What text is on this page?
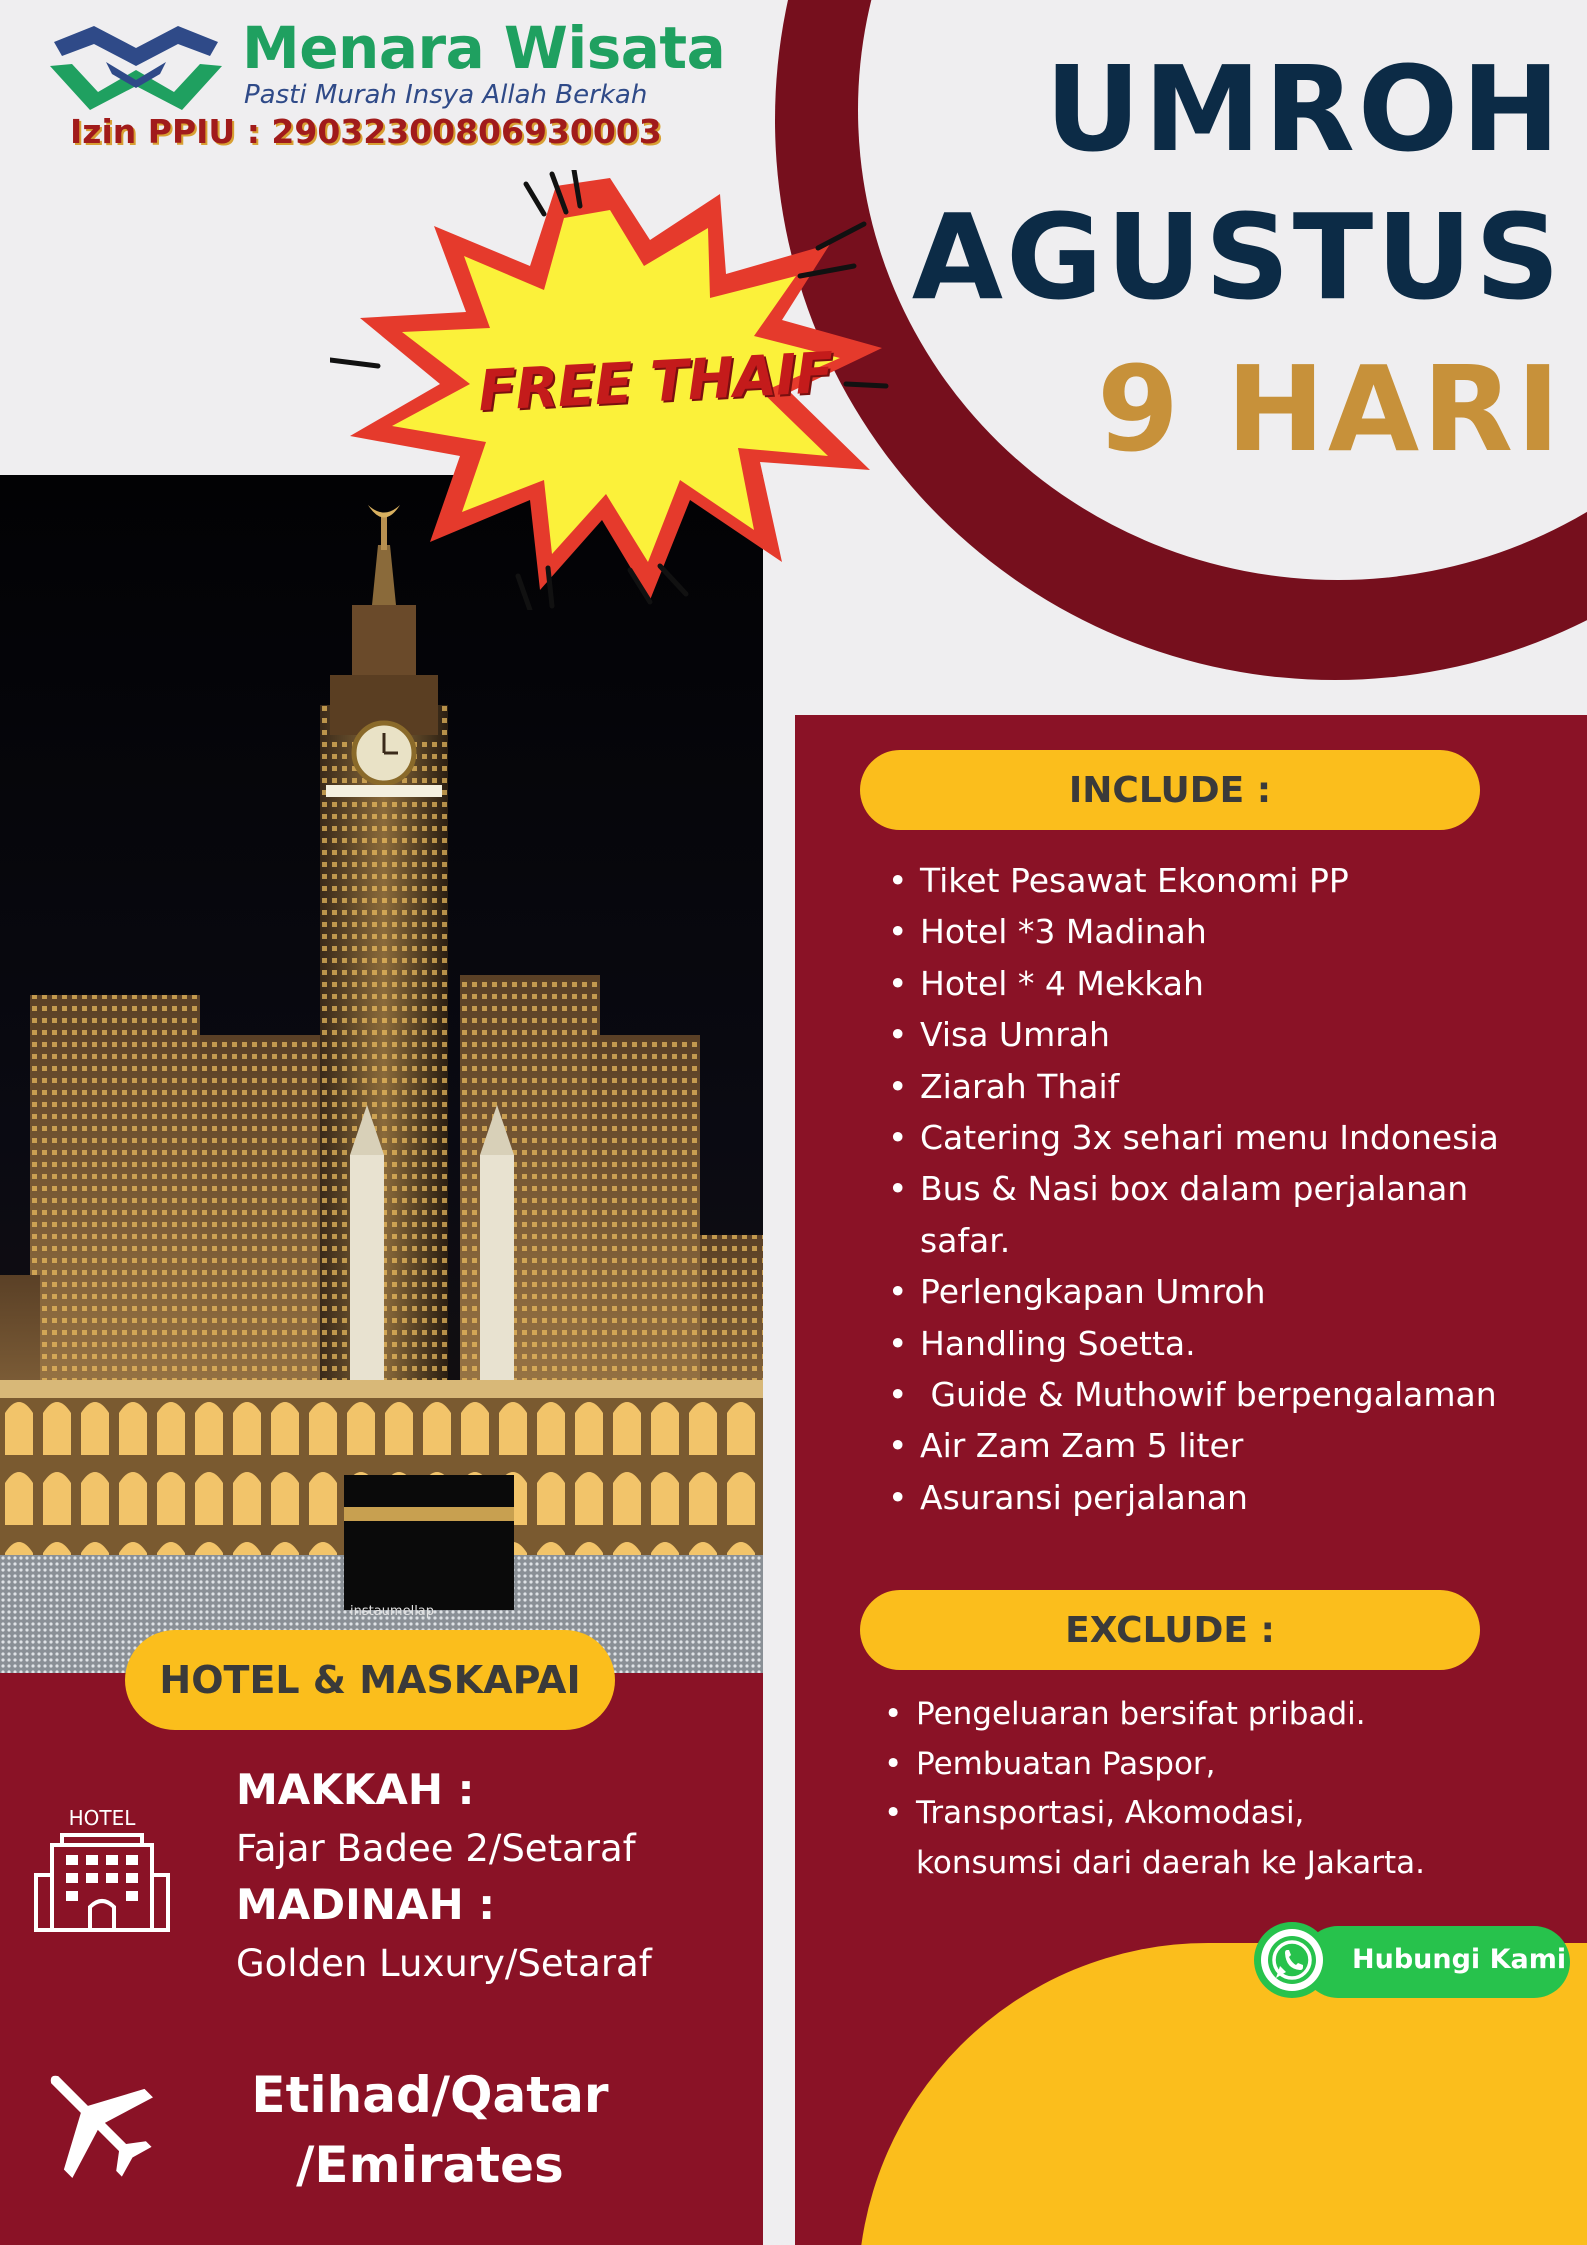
Menara Wisata
Pasti Murah Insya Allah Berkah
Izin PPIU : 29032300806930003	UMROH
AGUSTUS
9 HARI
instaumellap
FREE THAIF
HOTEL & MASKAPAI
HOTEL
MAKKAH :
Fajar Badee 2/Setaraf
MADINAH :
Golden Luxury/Setaraf
Etihad/Qatar
/Emirates
INCLUDE :
• Tiket Pesawat Ekonomi PP
• Hotel *3 Madinah
• Hotel * 4 Mekkah
• Visa Umrah
• Ziarah Thaif
• Catering 3x sehari menu Indonesia
• Bus & Nasi box dalam perjalanan
safar.
• Perlengkapan Umroh
• Handling Soetta.
•  Guide & Muthowif berpengalaman
• Air Zam Zam 5 liter
• Asuransi perjalanan
EXCLUDE :
• Pengeluaran bersifat pribadi.
• Pembuatan Paspor,
• Transportasi, Akomodasi,
konsumsi dari daerah ke Jakarta.
Hubungi Kami
